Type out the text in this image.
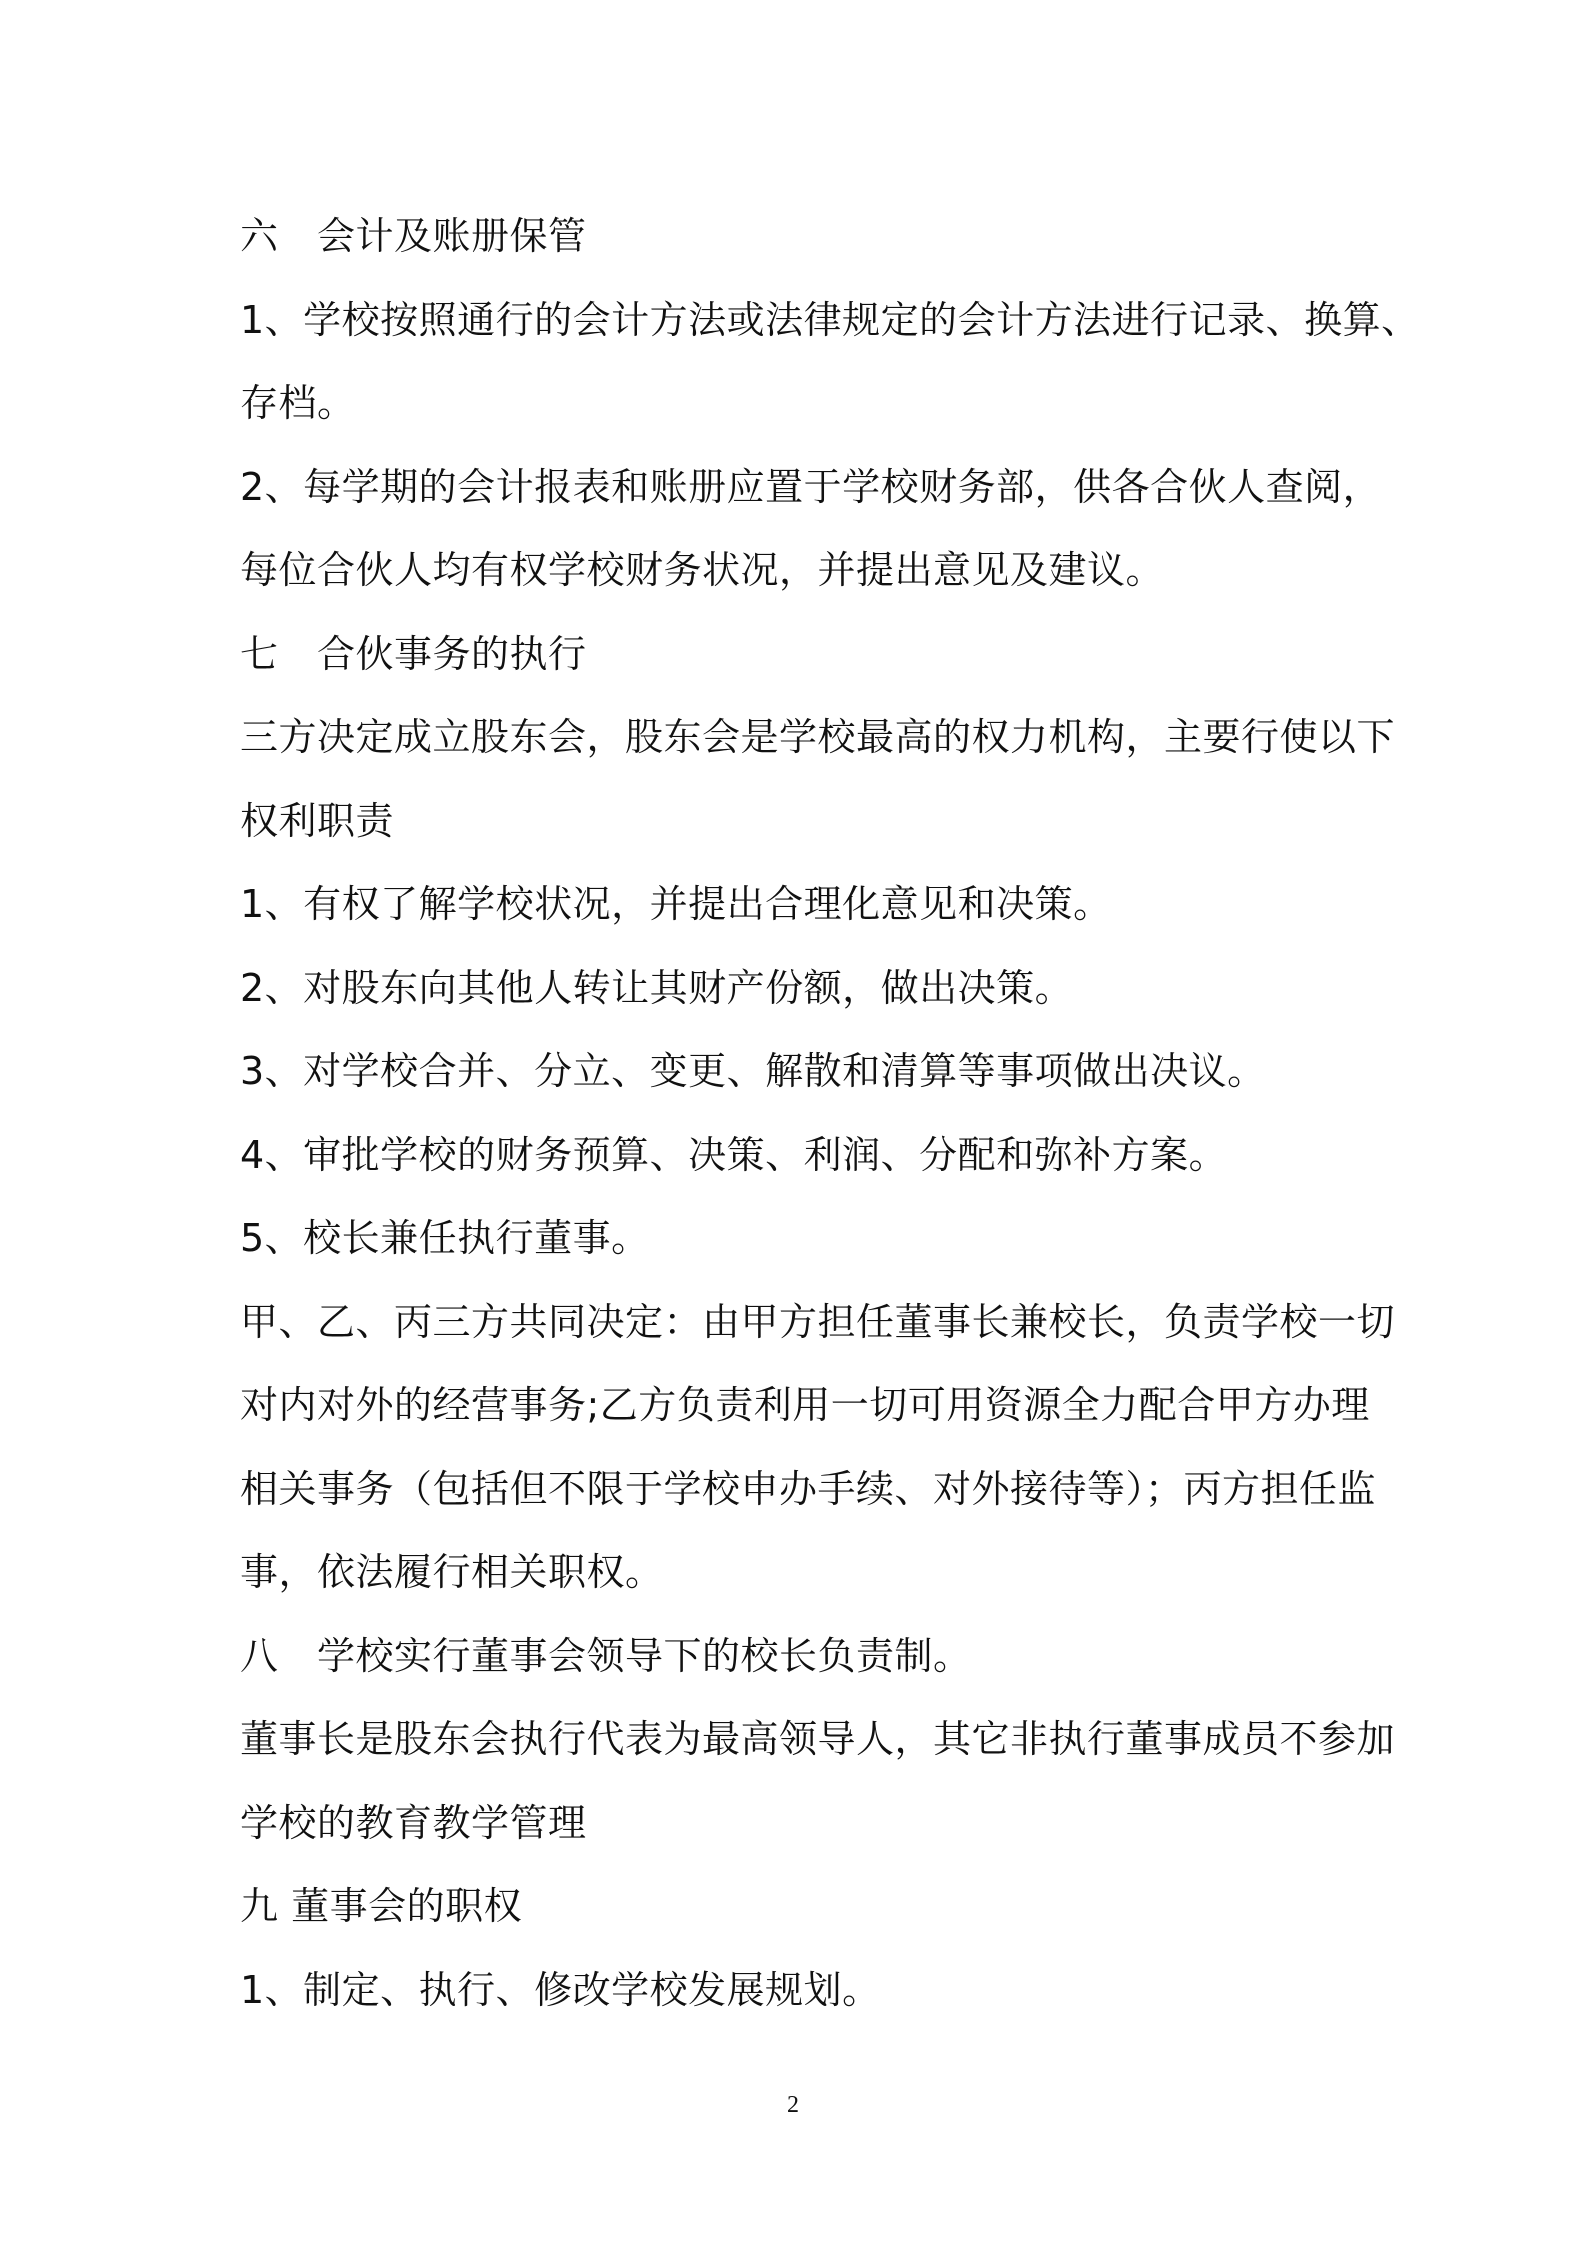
六　会计及账册保管
1、学校按照通行的会计方法或法律规定的会计方法进行记录、换算、
存档。
2、每学期的会计报表和账册应置于学校财务部，供各合伙人查阅，
每位合伙人均有权学校财务状况，并提出意见及建议。
七　合伙事务的执行
三方决定成立股东会，股东会是学校最高的权力机构，主要行使以下
权利职责
1、有权了解学校状况，并提出合理化意见和决策。
2、对股东向其他人转让其财产份额，做出决策。
3、对学校合并、分立、变更、解散和清算等事项做出决议。
4、审批学校的财务预算、决策、利润、分配和弥补方案。
5、校长兼任执行董事。
甲、乙、丙三方共同决定：由甲方担任董事长兼校长，负责学校一切
对内对外的经营事务;乙方负责利用一切可用资源全力配合甲方办理
相关事务（包括但不限于学校申办手续、对外接待等）；丙方担任监
事，依法履行相关职权。
八　学校实行董事会领导下的校长负责制。
董事长是股东会执行代表为最高领导人，其它非执行董事成员不参加
学校的教育教学管理
九 董事会的职权
1、制定、执行、修改学校发展规划。
2
